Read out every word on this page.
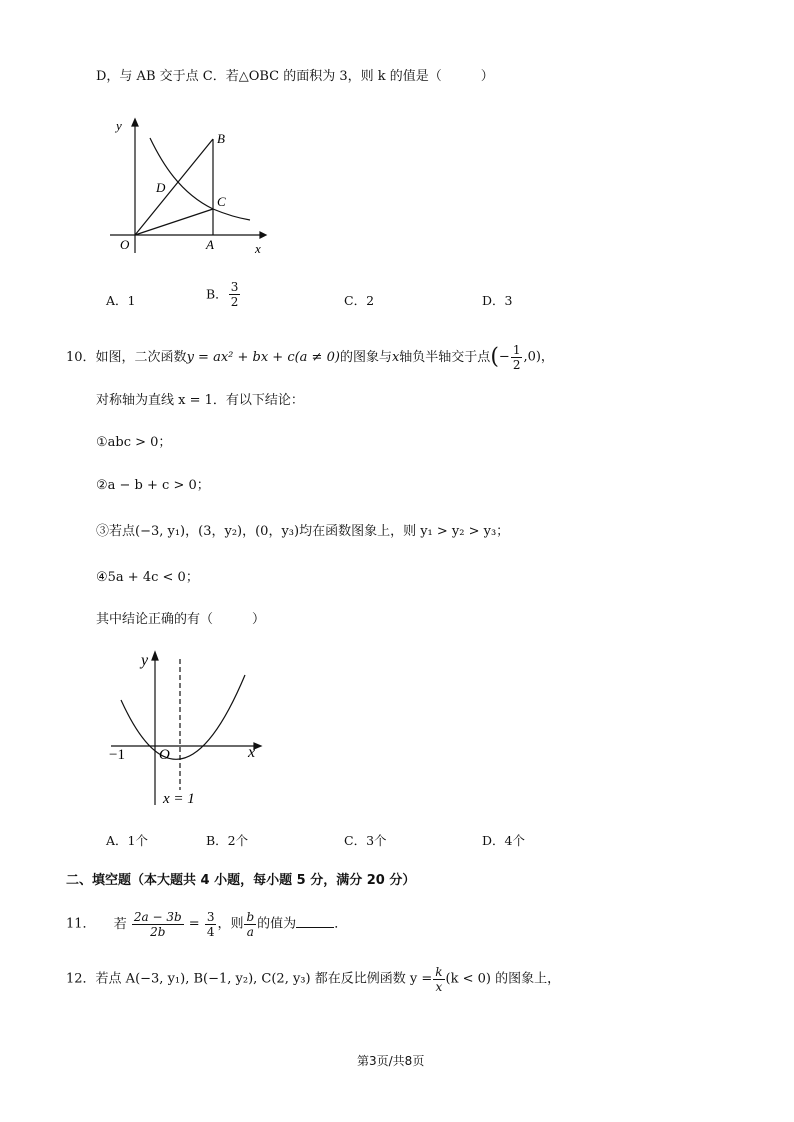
D，与 AB 交于点 C．若△OBC 的面积为 3，则 k 的值是（　　　）
y
x
O	A
B
C
D
A．1	B． $\frac{3}{2}$	C．2	D．3
10．如图，二次函数y = ax² + bx + c(a ≠ 0)的图象与x轴负半轴交于点(− $\frac{1}{2} ,0$)，
对称轴为直线 x = 1．有以下结论：
①abc > 0；
②a − b + c > 0；
③若点(−3, y₁)，(3，y₂)，(0，y₃)均在函数图象上，则 y₁ > y₂ > y₃；
④5a + 4c < 0；
其中结论正确的有（　　　）
y
x
O
−1
x = 1
A．1个	B．2个	C．3个	D．4个
二、填空题（本大题共 4 小题，每小题 5 分，满分 20 分）
11． 若 $\frac{2a - 3b}{2b} = \frac{3}{4}$ ，则 $\frac{b}{a}$ 的值为	．
12．若点 A(−3, y₁), B(−1, y₂), C(2, y₃) 都在反比例函数 $y = \frac{k}{x} (k < 0)$ 的图象上，
第3页/共8页
